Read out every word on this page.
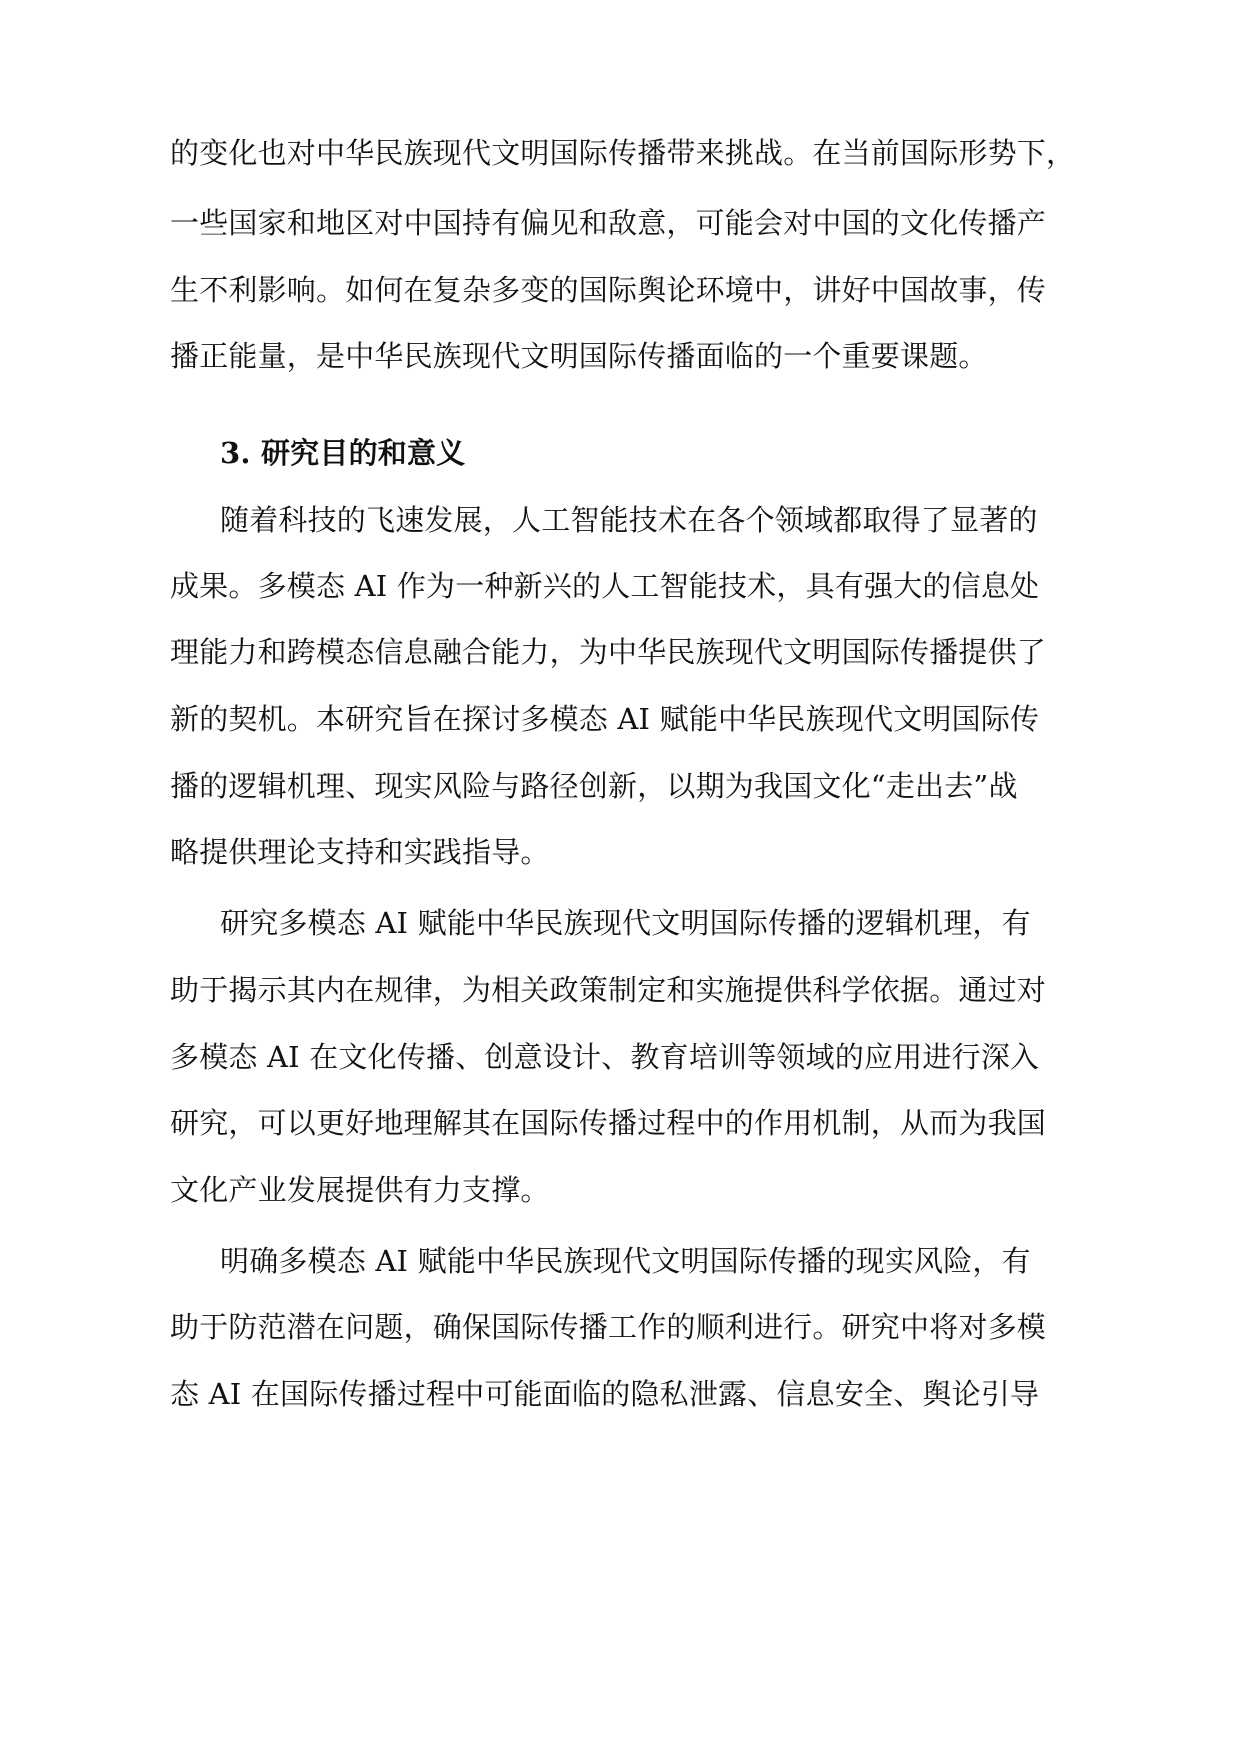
的变化也对中华民族现代文明国际传播带来挑战。在当前国际形势下，
一些国家和地区对中国持有偏见和敌意，可能会对中国的文化传播产
生不利影响。如何在复杂多变的国际舆论环境中，讲好中国故事，传
播正能量，是中华民族现代文明国际传播面临的一个重要课题。
3. 研究目的和意义
随着科技的飞速发展，人工智能技术在各个领域都取得了显著的
成果。多模态 AI 作为一种新兴的人工智能技术，具有强大的信息处
理能力和跨模态信息融合能力，为中华民族现代文明国际传播提供了
新的契机。本研究旨在探讨多模态 AI 赋能中华民族现代文明国际传
播的逻辑机理、现实风险与路径创新，以期为我国文化“走出去”战
略提供理论支持和实践指导。
研究多模态 AI 赋能中华民族现代文明国际传播的逻辑机理，有
助于揭示其内在规律，为相关政策制定和实施提供科学依据。通过对
多模态 AI 在文化传播、创意设计、教育培训等领域的应用进行深入
研究，可以更好地理解其在国际传播过程中的作用机制，从而为我国
文化产业发展提供有力支撑。
明确多模态 AI 赋能中华民族现代文明国际传播的现实风险，有
助于防范潜在问题，确保国际传播工作的顺利进行。研究中将对多模
态 AI 在国际传播过程中可能面临的隐私泄露、信息安全、舆论引导
